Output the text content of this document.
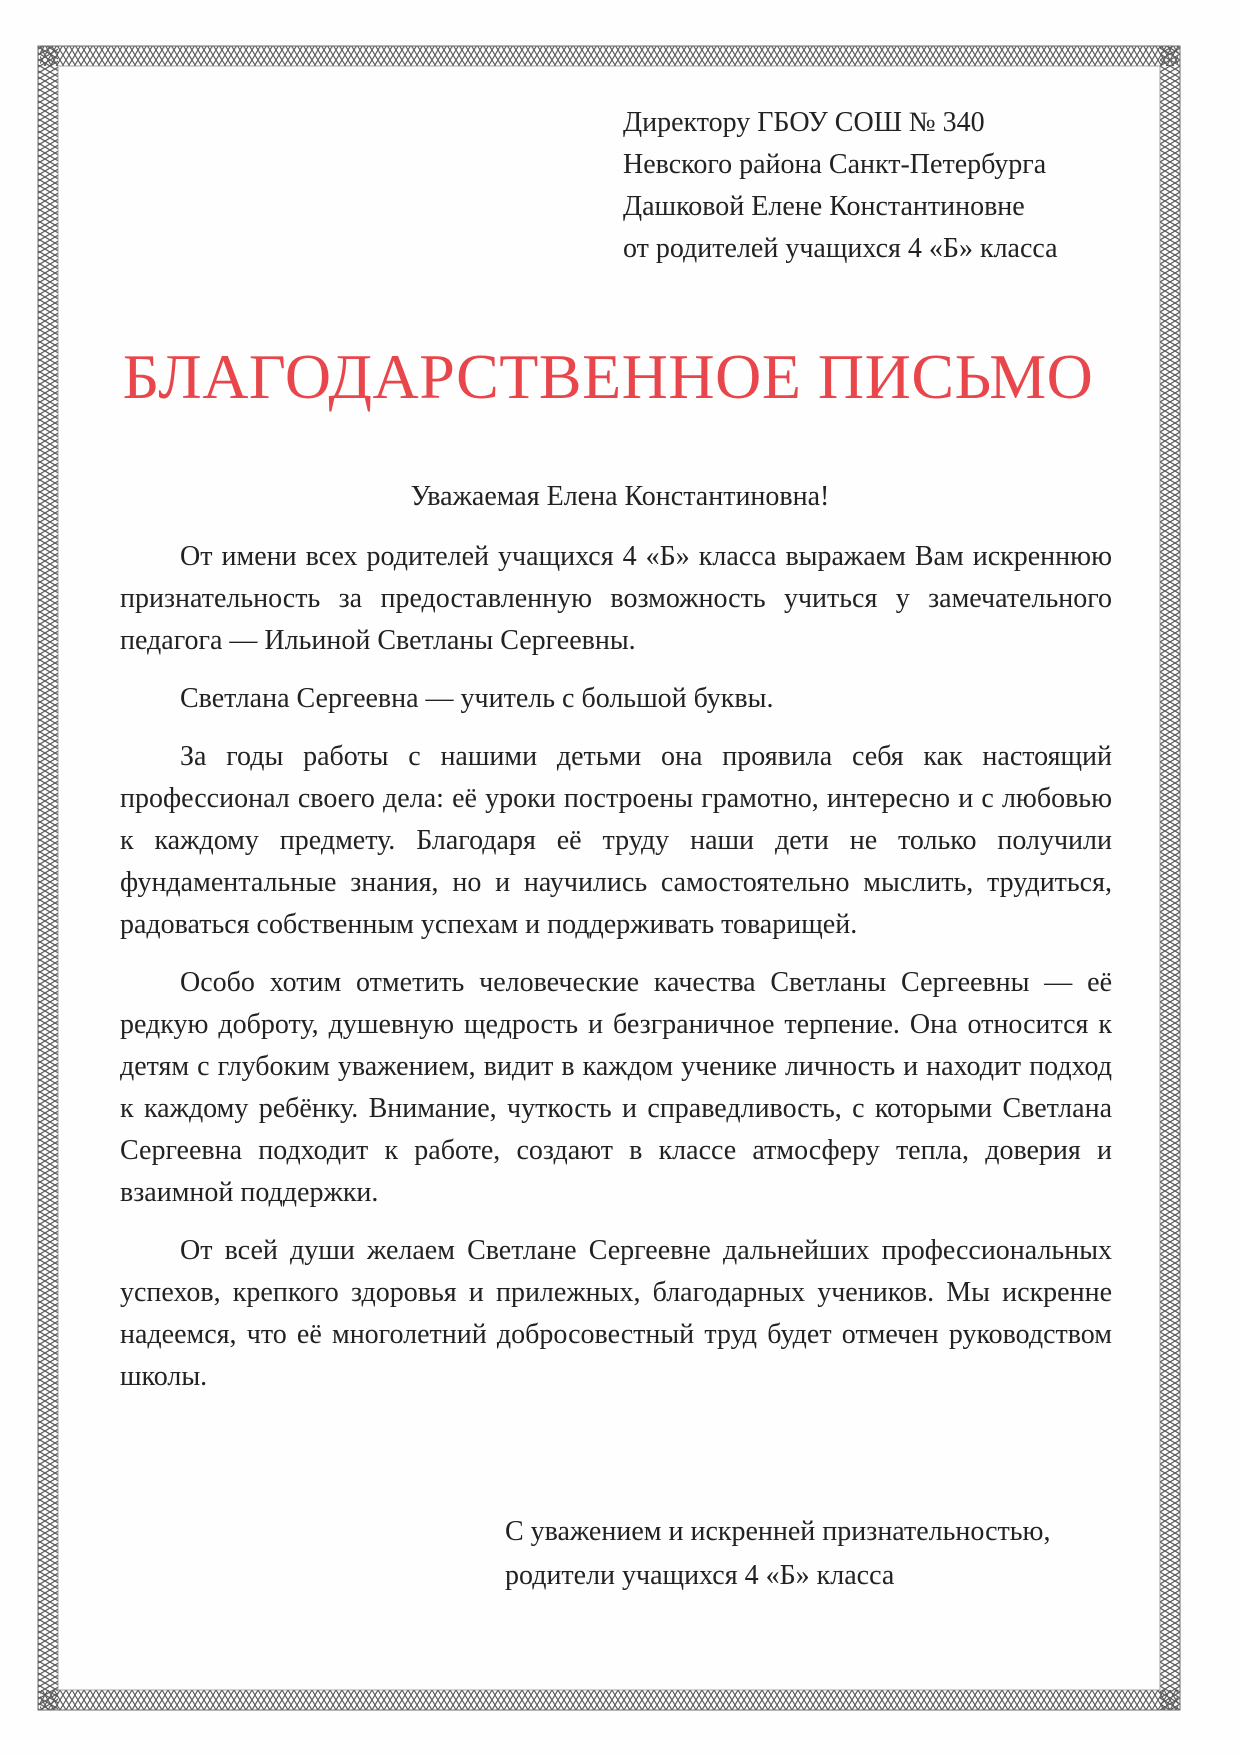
Директору ГБОУ СОШ № 340
Невского района Санкт-Петербурга
Дашковой Елене Константиновне
от родителей учащихся 4 «Б» класса
БЛАГОДАРСТВЕННОЕ ПИСЬМО
Уважаемая Елена Константиновна!

От имени всех родителей учащихся 4 «Б» класса выражаем Вам искреннюю признательность за предоставленную возможность учиться у замечательного педагога — Ильиной Светланы Сергеевны.

Светлана Сергеевна — учитель с большой буквы.

За годы работы с нашими детьми она проявила себя как настоящий профессионал своего дела: её уроки построены грамотно, интересно и с любовью к каждому предмету. Благодаря её труду наши дети не только получили фундаментальные знания, но и научились самостоятельно мыслить, трудиться, радоваться собственным успехам и поддерживать товарищей.

Особо хотим отметить человеческие качества Светланы Сергеевны — её редкую доброту, душевную щедрость и безграничное терпение. Она относится к детям с глубоким уважением, видит в каждом ученике личность и находит подход к каждому ребёнку. Внимание, чуткость и справедливость, с которыми Светлана Сергеевна подходит к работе, создают в классе атмосферу тепла, доверия и взаимной поддержки.

От всей души желаем Светлане Сергеевне дальнейших профессиональных успехов, крепкого здоровья и прилежных, благодарных учеников. Мы искренне надеемся, что её многолетний добросовестный труд будет отмечен руководством школы.

С уважением и искренней признательностью,
родители учащихся 4 «Б» класса
